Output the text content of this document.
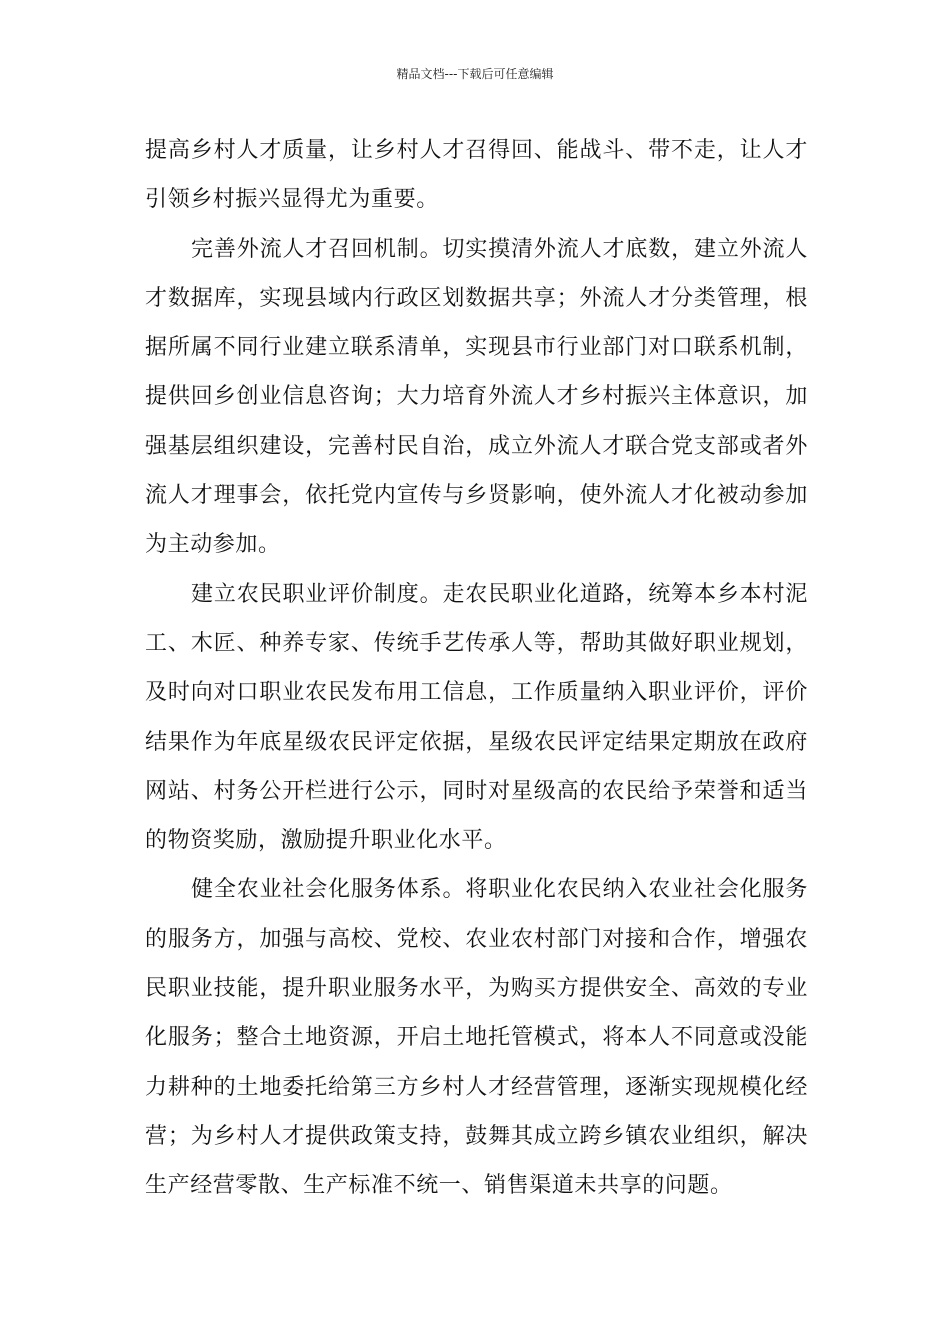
精品文档---下载后可任意编辑

提高乡村人才质量，让乡村人才召得回、能战斗、带不走，让人才引领乡村振兴显得尤为重要。

完善外流人才召回机制。切实摸清外流人才底数，建立外流人才数据库，实现县域内行政区划数据共享；外流人才分类管理，根据所属不同行业建立联系清单，实现县市行业部门对口联系机制，提供回乡创业信息咨询；大力培育外流人才乡村振兴主体意识，加强基层组织建设，完善村民自治，成立外流人才联合党支部或者外流人才理事会，依托党内宣传与乡贤影响，使外流人才化被动参加为主动参加。

建立农民职业评价制度。走农民职业化道路，统筹本乡本村泥工、木匠、种养专家、传统手艺传承人等，帮助其做好职业规划，及时向对口职业农民发布用工信息，工作质量纳入职业评价，评价结果作为年底星级农民评定依据，星级农民评定结果定期放在政府网站、村务公开栏进行公示，同时对星级高的农民给予荣誉和适当的物资奖励，激励提升职业化水平。

健全农业社会化服务体系。将职业化农民纳入农业社会化服务的服务方，加强与高校、党校、农业农村部门对接和合作，增强农民职业技能，提升职业服务水平，为购买方提供安全、高效的专业化服务；整合土地资源，开启土地托管模式，将本人不同意或没能力耕种的土地委托给第三方乡村人才经营管理，逐渐实现规模化经营；为乡村人才提供政策支持，鼓舞其成立跨乡镇农业组织，解决生产经营零散、生产标准不统一、销售渠道未共享的问题。
